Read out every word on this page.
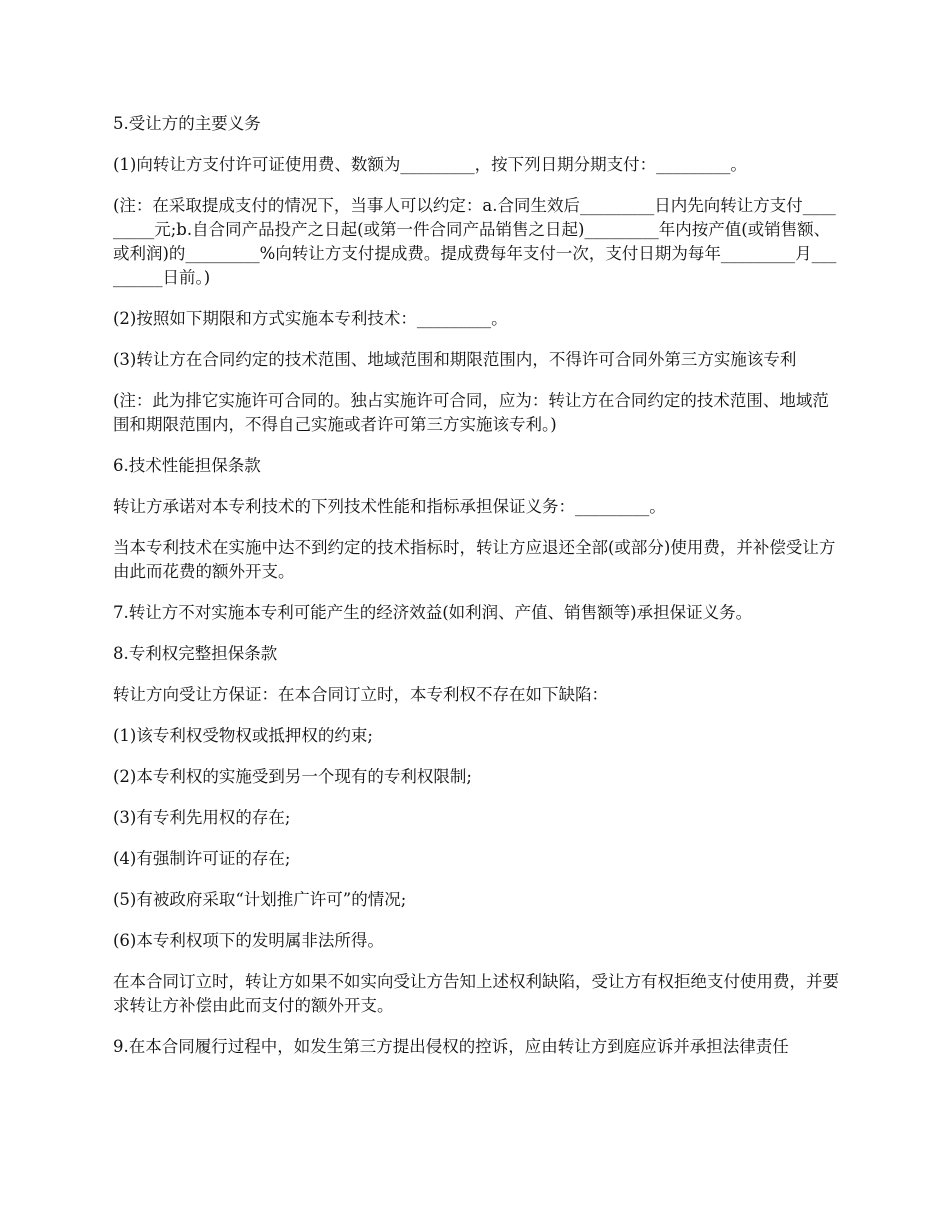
5.受让方的主要义务

(1)向转让方支付许可证使用费、数额为_________，按下列日期分期支付：_________。

(注：在采取提成支付的情况下，当事人可以约定：a.合同生效后_________日内先向转让方支付_________元;b.自合同产品投产之日起(或第一件合同产品销售之日起)_________年内按产值(或销售额、或利润)的_________%向转让方支付提成费。提成费每年支付一次，支付日期为每年_________月_________日前。)

(2)按照如下期限和方式实施本专利技术：_________。

(3)转让方在合同约定的技术范围、地域范围和期限范围内，不得许可合同外第三方实施该专利

(注：此为排它实施许可合同的。独占实施许可合同，应为：转让方在合同约定的技术范围、地域范围和期限范围内，不得自己实施或者许可第三方实施该专利。)

6.技术性能担保条款

转让方承诺对本专利技术的下列技术性能和指标承担保证义务：_________。

当本专利技术在实施中达不到约定的技术指标时，转让方应退还全部(或部分)使用费，并补偿受让方由此而花费的额外开支。

7.转让方不对实施本专利可能产生的经济效益(如利润、产值、销售额等)承担保证义务。

8.专利权完整担保条款

转让方向受让方保证：在本合同订立时，本专利权不存在如下缺陷：

(1)该专利权受物权或抵押权的约束;

(2)本专利权的实施受到另一个现有的专利权限制;

(3)有专利先用权的存在;

(4)有强制许可证的存在;

(5)有被政府采取“计划推广许可”的情况;

(6)本专利权项下的发明属非法所得。

在本合同订立时，转让方如果不如实向受让方告知上述权利缺陷，受让方有权拒绝支付使用费，并要求转让方补偿由此而支付的额外开支。

9.在本合同履行过程中，如发生第三方提出侵权的控诉，应由转让方到庭应诉并承担法律责任
